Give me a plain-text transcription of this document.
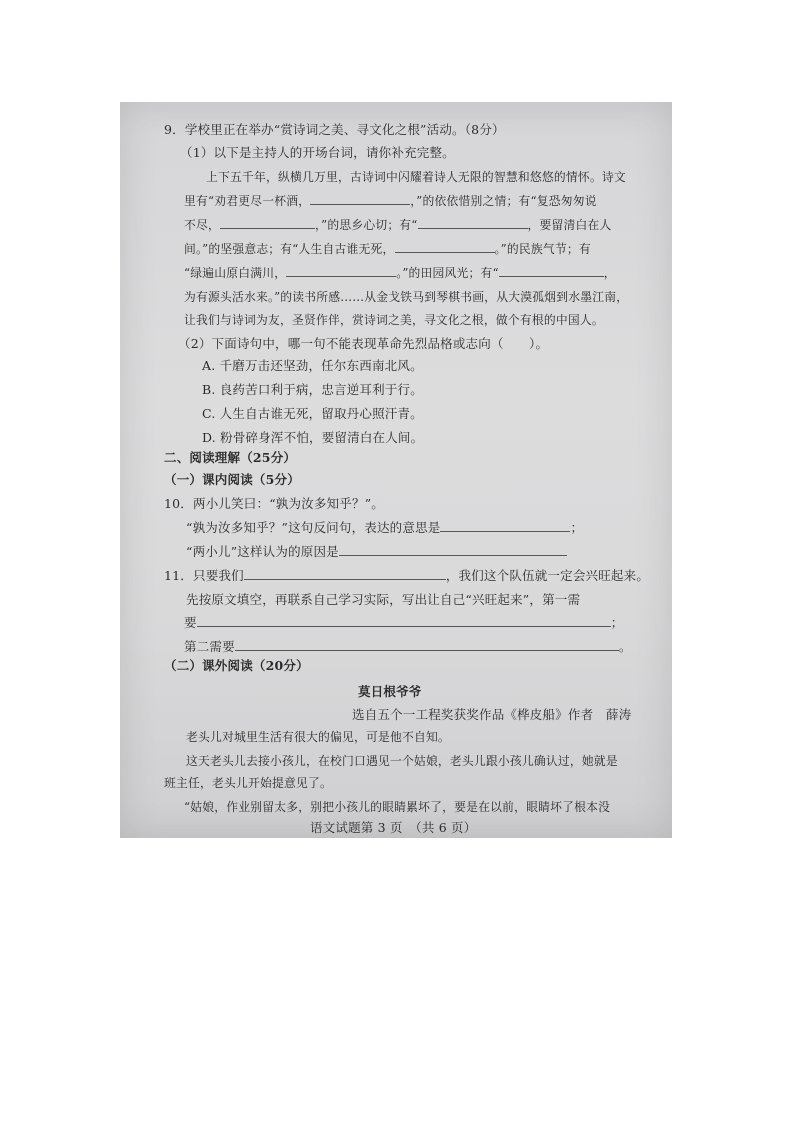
9．学校里正在举办“赏诗词之美、寻文化之根”活动。（8分）
（1）以下是主持人的开场台词，请你补充完整。
上下五千年，纵横几万里，古诗词中闪耀着诗人无限的智慧和悠悠的情怀。诗文
里有“劝君更尽一杯酒，	，”的依依惜别之情；有“复恐匆匆说
不尽，	，”的思乡心切；有“	，要留清白在人
间。”的坚强意志；有“人生自古谁无死，	。”的民族气节；有
“绿遍山原白满川，	。”的田园风光；有“	，
为有源头活水来。”的读书所感……从金戈铁马到琴棋书画，从大漠孤烟到水墨江南，
让我们与诗词为友，圣贤作伴，赏诗词之美，寻文化之根，做个有根的中国人。
（2）下面诗句中，哪一句不能表现革命先烈品格或志向（　　）。
A. 千磨万击还坚劲，任尔东西南北风。
B. 良药苦口利于病，忠言逆耳利于行。
C. 人生自古谁无死，留取丹心照汗青。
D. 粉骨碎身浑不怕，要留清白在人间。
二、阅读理解（25分）
（一）课内阅读（5分）
10．两小儿笑曰：“孰为汝多知乎？”。
“孰为汝多知乎？”这句反问句，表达的意思是	；
“两小儿”这样认为的原因是
11．只要我们	，我们这个队伍就一定会兴旺起来。
先按原文填空，再联系自己学习实际，写出让自己“兴旺起来”，第一需
要	；
第二需要	。
（二）课外阅读（20分）
莫日根爷爷
选自五个一工程奖获奖作品《桦皮船》作者　薛涛
老头儿对城里生活有很大的偏见，可是他不自知。
这天老头儿去接小孩儿，在校门口遇见一个姑娘，老头儿跟小孩儿确认过，她就是
班主任，老头儿开始提意见了。
“姑娘，作业别留太多，别把小孩儿的眼睛累坏了，要是在以前，眼睛坏了根本没
语文试题第 3 页　（共 6 页）
